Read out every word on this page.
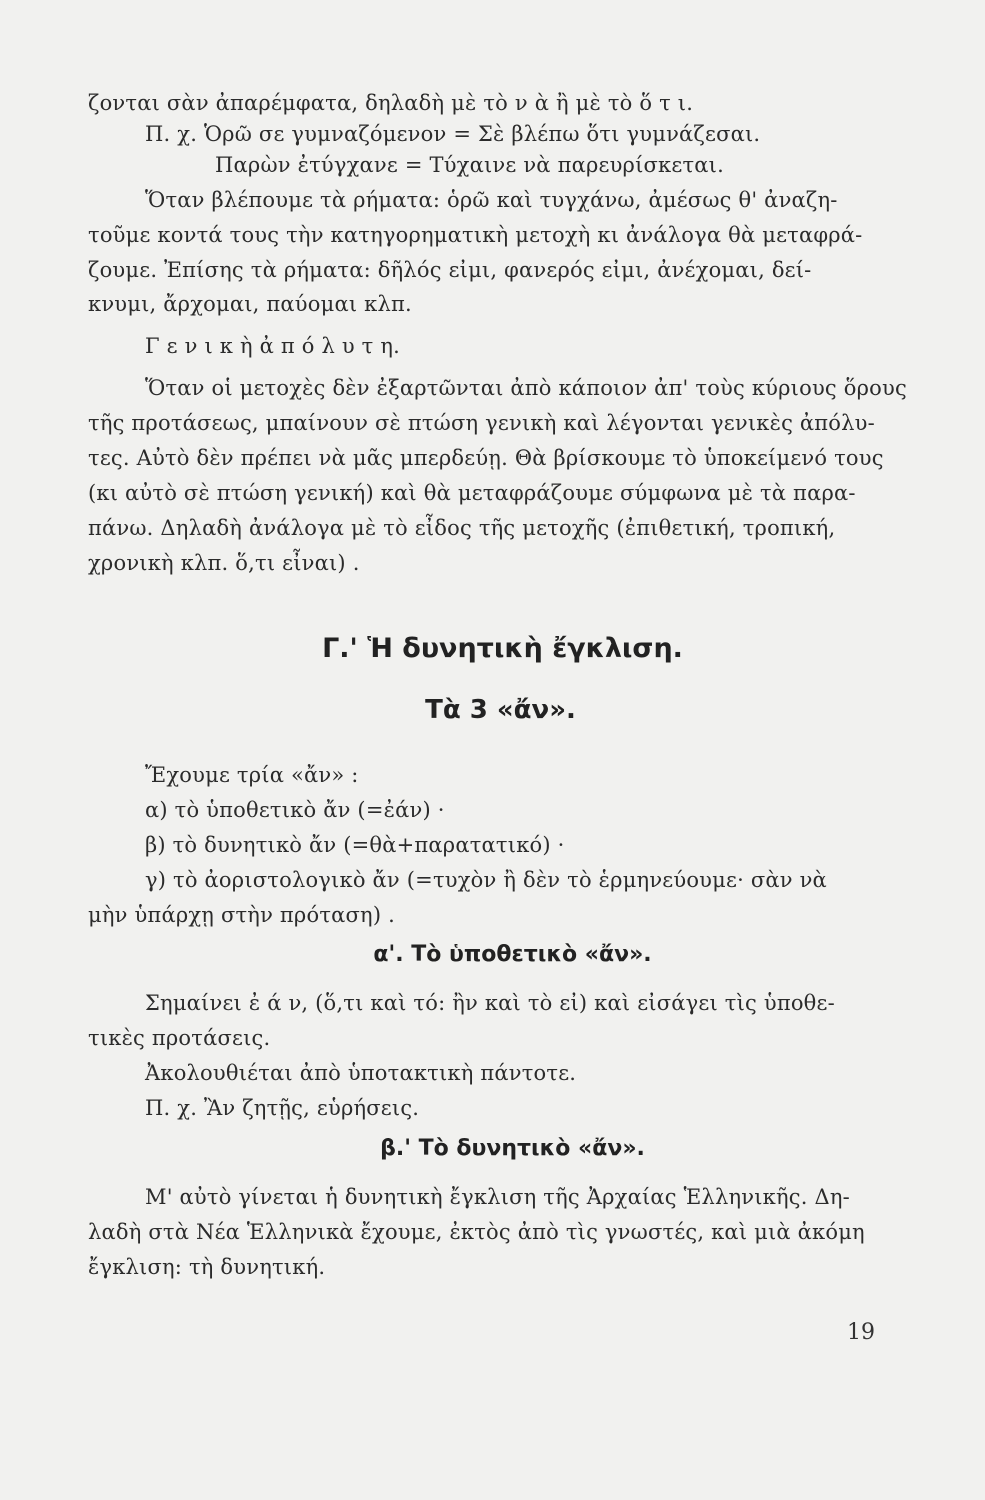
ζονται σὰν ἀπαρέμφατα, δηλαδὴ μὲ τὸ ν ὰ ἢ μὲ τὸ ὅ τ ι.
Π. χ. Ὁρῶ σε γυμναζόμενον = Σὲ βλέπω ὅτι γυμνάζεσαι.
Παρὼν ἐτύγχανε = Τύχαινε νὰ παρευρίσκεται.
Ὅταν βλέπουμε τὰ ρήματα: ὁρῶ καὶ τυγχάνω, ἀμέσως θ' ἀναζη-
τοῦμε κοντά τους τὴν κατηγορηματικὴ μετοχὴ κι ἀνάλογα θὰ μεταφρά-
ζουμε. Ἐπίσης τὰ ρήματα: δῆλός εἰμι, φανερός εἰμι, ἀνέχομαι, δεί-
κνυμι, ἄρχομαι, παύομαι κλπ.
Γ ε ν ι κ ὴ ἀ π ό λ υ τ η.
Ὅταν οἱ μετοχὲς δὲν ἐξαρτῶνται ἀπὸ κάποιον ἀπ' τοὺς κύριους ὅρους
τῆς προτάσεως, μπαίνουν σὲ πτώση γενικὴ καὶ λέγονται γενικὲς ἀπόλυ-
τες. Αὐτὸ δὲν πρέπει νὰ μᾶς μπερδεύῃ. Θὰ βρίσκουμε τὸ ὑποκείμενό τους
(κι αὐτὸ σὲ πτώση γενική) καὶ θὰ μεταφράζουμε σύμφωνα μὲ τὰ παρα-
πάνω. Δηλαδὴ ἀνάλογα μὲ τὸ εἶδος τῆς μετοχῆς (ἐπιθετική, τροπική,
χρονικὴ κλπ. ὅ,τι εἶναι) .
Γ.' Ἡ δυνητικὴ ἔγκλιση.
Τὰ 3 «ἄν».
Ἔχουμε τρία «ἄν» :
α) τὸ ὑποθετικὸ ἄν (=ἐάν) ·
β) τὸ δυνητικὸ ἄν (=θὰ+παρατατικό) ·
γ) τὸ ἀοριστολογικὸ ἄν (=τυχὸν ἢ δὲν τὸ ἑρμηνεύουμε· σὰν νὰ
μὴν ὑπάρχῃ στὴν πρόταση) .
α'. Τὸ ὑποθετικὸ «ἄν».
Σημαίνει ἐ ά ν, (ὅ,τι καὶ τό: ἢν καὶ τὸ εἰ) καὶ εἰσάγει τὶς ὑποθε-
τικὲς προτάσεις.
Ἀκολουθιέται ἀπὸ ὑποτακτικὴ πάντοτε.
Π. χ. Ἂν ζητῇς, εὑρήσεις.
β.' Τὸ δυνητικὸ «ἄν».
Μ' αὐτὸ γίνεται ἡ δυνητικὴ ἔγκλιση τῆς Ἀρχαίας Ἑλληνικῆς. Δη-
λαδὴ στὰ Νέα Ἑλληνικὰ ἔχουμε, ἐκτὸς ἀπὸ τὶς γνωστές, καὶ μιὰ ἀκόμη
ἔγκλιση: τὴ δυνητική.
19
